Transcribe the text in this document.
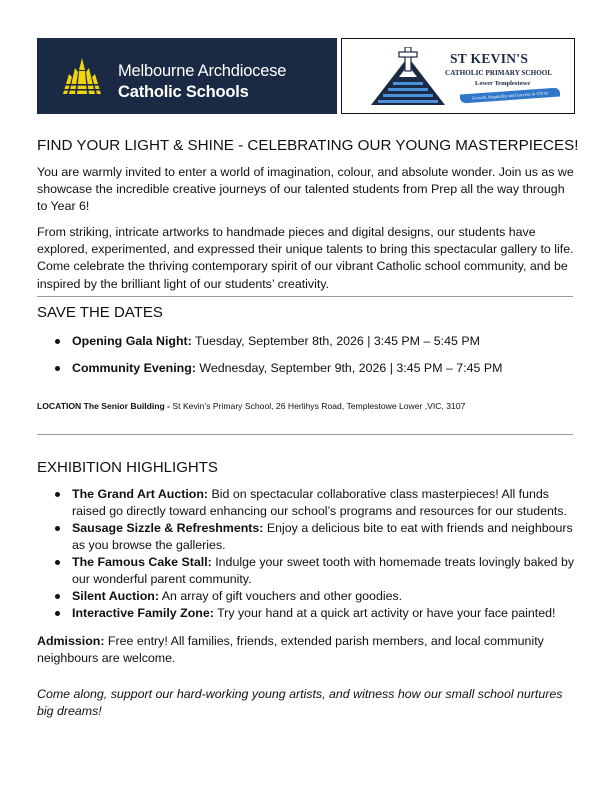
Melbourne Archdiocese
Catholic Schools
ST KEVIN'S
CATHOLIC PRIMARY SCHOOL
Lower Templestowe
Growth, hospitality and success in Christ
FIND YOUR LIGHT & SHINE - CELEBRATING OUR YOUNG MASTERPIECES!

You are warmly invited to enter a world of imagination, colour, and absolute wonder. Join us as we showcase the incredible creative journeys of our talented students from Prep all the way through to Year 6!

From striking, intricate artworks to handmade pieces and digital designs, our students have explored, experimented, and expressed their unique talents to bring this spectacular gallery to life. Come celebrate the thriving contemporary spirit of our vibrant Catholic school community, and be inspired by the brilliant light of our students’ creativity.

SAVE THE DATES
Opening Gala Night: Tuesday, September 8th, 2026 | 3:45 PM – 5:45 PM
Community Evening: Wednesday, September 9th, 2026 | 3:45 PM – 7:45 PM
LOCATION The Senior Building - St Kevin’s Primary School, 26 Herlihys Road, Templestowe Lower ,VIC, 3107
EXHIBITION HIGHLIGHTS
The Grand Art Auction: Bid on spectacular collaborative class masterpieces! All funds raised go directly toward enhancing our school’s programs and resources for our students.
Sausage Sizzle & Refreshments: Enjoy a delicious bite to eat with friends and neighbours as you browse the galleries.
The Famous Cake Stall: Indulge your sweet tooth with homemade treats lovingly baked by our wonderful parent community.
Silent Auction: An array of gift vouchers and other goodies.
Interactive Family Zone: Try your hand at a quick art activity or have your face painted!

Admission: Free entry! All families, friends, extended parish members, and local community neighbours are welcome.

Come along, support our hard-working young artists, and witness how our small school nurtures big dreams!
